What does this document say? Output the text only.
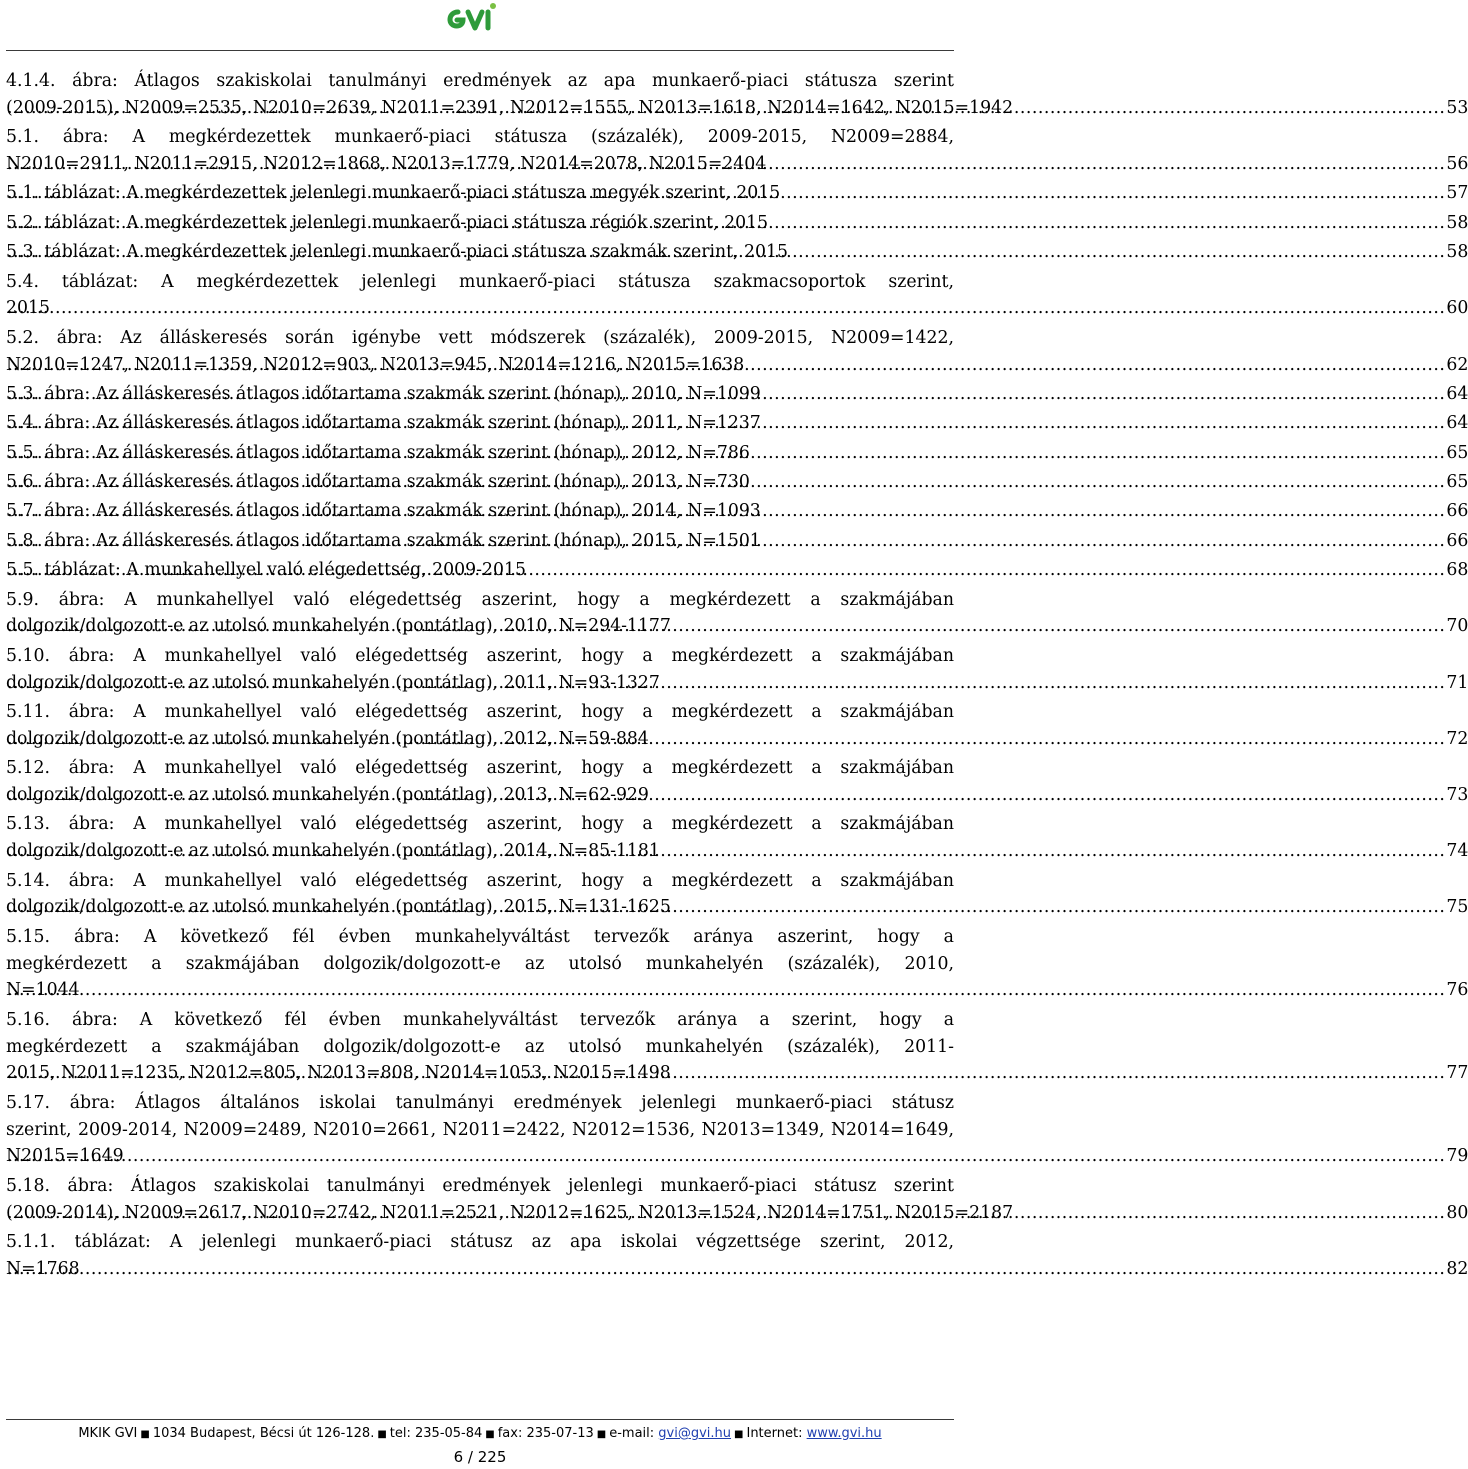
4.1.4. ábra: Átlagos szakiskolai tanulmányi eredmények az apa munkaerő-piaci státusza szerint
(2009-2015), N2009=2535, N2010=2639, N2011=2391, N2012=1555, N2013=1618, N2014=1642, N2015=1942 .....	53
5.1. ábra: A megkérdezettek munkaerő-piaci státusza (százalék), 2009-2015, N2009=2884,
N2010=2911, N2011=2915, N2012=1868, N2013=1779, N2014=2078, N2015=2404 .....	56
5.1. táblázat: A megkérdezettek jelenlegi munkaerő-piaci státusza megyék szerint, 2015 .....	57
5.2. táblázat: A megkérdezettek jelenlegi munkaerő-piaci státusza régiók szerint, 2015 .....	58
5.3. táblázat: A megkérdezettek jelenlegi munkaerő-piaci státusza szakmák szerint, 2015 .....	58
5.4. táblázat: A megkérdezettek jelenlegi munkaerő-piaci státusza szakmacsoportok szerint,
2015 .....	60
5.2. ábra: Az álláskeresés során igénybe vett módszerek (százalék), 2009-2015, N2009=1422,
N2010=1247, N2011=1359, N2012=903, N2013=945, N2014=1216, N2015=1638 .....	62
5.3. ábra: Az álláskeresés átlagos időtartama szakmák szerint (hónap), 2010, N=1099 .....	64
5.4. ábra: Az álláskeresés átlagos időtartama szakmák szerint (hónap), 2011, N=1237 .....	64
5.5. ábra: Az álláskeresés átlagos időtartama szakmák szerint (hónap), 2012, N=786 .....	65
5.6. ábra: Az álláskeresés átlagos időtartama szakmák szerint (hónap), 2013, N=730 .....	65
5.7. ábra: Az álláskeresés átlagos időtartama szakmák szerint (hónap), 2014, N=1093 .....	66
5.8. ábra: Az álláskeresés átlagos időtartama szakmák szerint (hónap), 2015, N=1501 .....	66
5.5. táblázat: A munkahellyel való elégedettség, 2009-2015 .....	68
5.9. ábra: A munkahellyel való elégedettség aszerint, hogy a megkérdezett a szakmájában
dolgozik/dolgozott-e az utolsó munkahelyén (pontátlag), 2010, N=294-1177 .....	70
5.10. ábra: A munkahellyel való elégedettség aszerint, hogy a megkérdezett a szakmájában
dolgozik/dolgozott-e az utolsó munkahelyén (pontátlag), 2011, N=93-1327 .....	71
5.11. ábra: A munkahellyel való elégedettség aszerint, hogy a megkérdezett a szakmájában
dolgozik/dolgozott-e az utolsó munkahelyén (pontátlag), 2012, N=59-884 .....	72
5.12. ábra: A munkahellyel való elégedettség aszerint, hogy a megkérdezett a szakmájában
dolgozik/dolgozott-e az utolsó munkahelyén (pontátlag), 2013, N=62-929 .....	73
5.13. ábra: A munkahellyel való elégedettség aszerint, hogy a megkérdezett a szakmájában
dolgozik/dolgozott-e az utolsó munkahelyén (pontátlag), 2014, N=85-1181 .....	74
5.14. ábra: A munkahellyel való elégedettség aszerint, hogy a megkérdezett a szakmájában
dolgozik/dolgozott-e az utolsó munkahelyén (pontátlag), 2015, N=131-1625 .....	75
5.15. ábra: A következő fél évben munkahelyváltást tervezők aránya aszerint, hogy a
megkérdezett a szakmájában dolgozik/dolgozott-e az utolsó munkahelyén (százalék), 2010,
N=1044 .....	76
5.16. ábra: A következő fél évben munkahelyváltást tervezők aránya a szerint, hogy a
megkérdezett a szakmájában dolgozik/dolgozott-e az utolsó munkahelyén (százalék), 2011-
2015, N2011=1235, N2012=805, N2013=808, N2014=1053, N2015=1498 .....	77
5.17. ábra: Átlagos általános iskolai tanulmányi eredmények jelenlegi munkaerő-piaci státusz
szerint, 2009-2014, N2009=2489, N2010=2661, N2011=2422, N2012=1536, N2013=1349, N2014=1649,
N2015=1649 .....	79
5.18. ábra: Átlagos szakiskolai tanulmányi eredmények jelenlegi munkaerő-piaci státusz szerint
(2009-2014), N2009=2617, N2010=2742, N2011=2521, N2012=1625, N2013=1524, N2014=1751, N2015=2187 .....	80
5.1.1. táblázat: A jelenlegi munkaerő-piaci státusz az apa iskolai végzettsége szerint, 2012,
N=1768 .....	82
MKIK GVI ■ 1034 Budapest, Bécsi út 126-128. ■ tel: 235-05-84 ■ fax: 235-07-13 ■ e-mail: gvi@gvi.hu ■ Internet: www.gvi.hu
6 / 225
